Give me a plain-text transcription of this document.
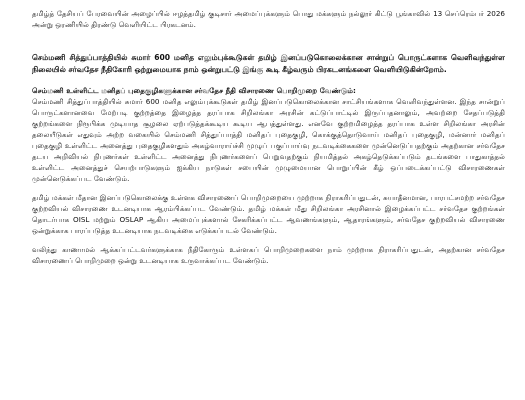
தமிழ்த் தேசியப் பேரவையின் அழைப்பில் ஈழத்தமிழ் குடிசார் அமைப்புக்களும் பொது மக்களும் நல்லூர் கிட்டு பூங்காவில் 13 செப்ரெம்பர் 2026 அன்று ஒரணியில் திரண்டு வெளியிட்ட பிரகடனம்.

செம்மணி சித்துப்பாத்தியில் சுமார் 600 மனித எலும்புக்கூடுகள் தமிழ் இனப்படுகொலைக்கான சான்றுப் பொருட்களாக வெளிவந்துள்ள நிலையில் சர்வதேச நீதிகோரி ஒற்றுமையாக நாம் ஒன்றுபட்டு இங்கு கூடி கீழ்வரும் பிரகடனங்களை வெளியிடுகின்றோம்.

செம்மணி உள்ளிட்ட மனிதப் புதைகுழிகளுக்கான சர்வதேச நீதி விசாரணை பொறிமுறை வேண்டும்:

செம்மணி சித்துப்பாத்தியில் சுமார் 600 மனித எலும்புக்கூடுகள் தமிழ் இனப்படுகொலைக்கான சாட்சியங்களாக வெளிவந்துள்ளன. இந்த சான்றுப் பொருட்களானவை மேற்படி குற்றத்தை இழைத்த தரப்பாக சிறிலங்கா அரசின் கட்டுப்பாட்டில் இருப்பதனாலும், அவற்றை சேதப்படுத்தி குற்றங்களை நிரூபிக்க முடியாத சூழலை ஏற்படுத்தக்கூடிய கூடிய ஆபத்துள்ளது. எனவே குற்றமிழைத்த தரப்பாக உள்ள சிறிலங்கா அரசின் தலையீடுகள் எதுவும் அற்ற வகையில் செம்மணி சித்துப்பாத்தி மனிதப் புதைகுழி, கொக்குத்தொடுவாய் மனிதப் புதைகுழி, மன்னார் மனிதப் புதைகுழி உள்ளிட்ட அனைத்து புதைகுழிகளதும் அகழ்வாராய்ச்சி முழுப் பகுப்பாய்வு நடவடிக்கைகளை முன்னெடுப்பதற்கும் அதற்கான சர்வதேச தடய அறிவியல் நிபுணர்கள் உள்ளிட்ட அனைத்து நிபுணர்களைப் பெறுவதற்கும் நியமித்தல் அகழ்தெடுக்கப்படும் தடங்களை பாதுகாத்தல் உள்ளிட்ட அனைத்துச் செயற்பாடுகளும் ஐக்கிய நாடுகள் சபையின் முழுமையான பொறுப்பின் கீழ் ஒப்படைக்கப்பட்டு விசாரணைகள் முன்னெடுக்கப்பட வேண்டும்.

தமிழ் மக்கள் மீதான இனப்படுகொலைக்கு உள்ளக விசாரணைப் பொறிமுறையை முற்றாக நிராகரிப்பதுடன், சுயாதீனமான, பாரபட்சமற்ற சர்வதேச குற்றவியல் விசாரணை உடனடியாக ஆரம்பிக்கப்பட வேண்டும். தமிழ் மக்கள் மீது சிறிலங்கா அரசினால் இழைக்கப்பட்ட சர்வதேச குற்றங்கள் தொடர்பாக OISL மற்றும் OSLAP ஆகிய அமைப்புக்களால் சேகரிக்கப்பட்ட ஆவணங்களும், ஆதாரங்களும், சர்வதேச குற்றவியல் விசாரணை ஒன்றுக்காக பாரப்படுத்த உடனடியாக நடவடிக்கை எடுக்கப்படல் வேண்டும்.

வலிந்து காணாமல் ஆக்கப்பட்டவர்களுக்காக நீதிகோரும் உள்ளகப் பொறிமுறைகளை நாம் முற்றாக நிராகரிப்பதுடன், அதற்கான சர்வதேச விசாரணைப் பொறிமுறை ஒன்று உடனடியாக உருவாக்கப்பட வேண்டும்.
